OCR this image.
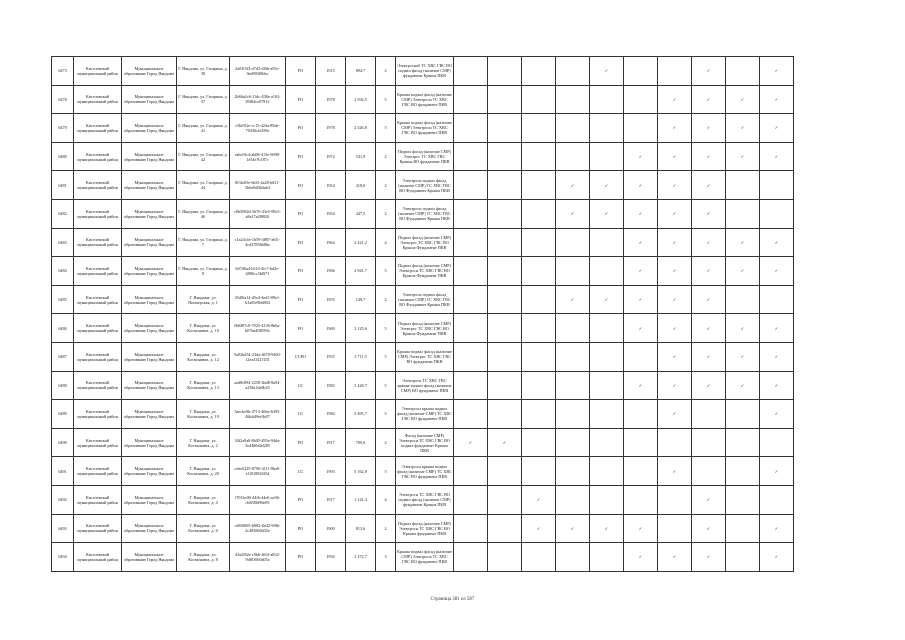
6473	Киселевский муниципальный район	Муниципальное образование Город Няндома	Г. Няндома, ул. Гагарина, д. 38	2a03f5f4-d7d3-4f6b-a93c-0ad903f0bbc	FO	1915	894,7	2	Электроснаб ТС ХВС ГВС ВО подвал фасад (наличие СМР) фундамент Крыша ПКВ					✓			✓		✓
6478	Киселевский муниципальный район	Муниципальное образование Город Няндома	Г. Няндома, ул. Гагарина, д. 37	2b8da2c6-11dc-438e-a102-89f84ce07812	FO	1978	2 592,5	5	Крыша подвал фасад (наличие СМР) Электросн ТС ХВС ГВС ВО фундамент ПКВ							✓	✓	✓	✓
6479	Киселевский муниципальный район	Муниципальное образование Город Няндома	Г. Няндома, ул. Гагарина, д. 41	c5bf01fe-cc15-424a-89de-70436cfe458e	FO	1978	2 526,8	5	Крыша подвал фасад (наличие СМР) Электросн ТС ХВС ГВС ВО фундамент ПКВ							✓	✓	✓	✓
6480	Киселевский муниципальный район	Муниципальное образование Город Няндома	Г. Няндома, ул. Гагарина, д. 42	eabc0fc4-ab08-413e-9098-1e54e7b187c	FO	1972	541,9	2	Подвал фасад (наличие СМР) Электрос ТС ХВС ГВС Крыша ВО фундамент ПКВ						✓	✓	✓	✓	✓
6481	Киселевский муниципальный район	Муниципальное образование Город Няндома	Г. Няндома, ул. Гагарина, д. 44	8f3fa05e-b6f3-4a28-b021-5bbe0d0b4ab4	FO	1954	418,6	2	Электросн подвал фасад (наличие СМР) ТС ХВС ГВС ВО Фундамент Крыша ПКВ				✓	✓	✓	✓	✓		
6482	Киселевский муниципальный район	Муниципальное образование Город Няндома	Г. Няндома, ул. Гагарина, д. 46	c0b5082d-3b76-43e5-99c5-a8a17a28802f	FO	1954	447,5	2	Электросн подвал фасад (наличие СМР) ТС ХВС ГВС ВО Фундамент Крыша ПКВ				✓	✓	✓	✓	✓		
6483	Киселевский муниципальный район	Муниципальное образование Город Няндома	Г. Няндома, ул. Гагарина, д. 7	c1a24c4e-1b59-4887-a6f1-4cd27856b8be	FO	1964	2 421,2	4	Подвал фасад (наличие СМР) Электрос ТС ХВС ГВС ВО Крыша Фундамент ПКВ						✓	✓	✓	✓	✓
6484	Киселевский муниципальный район	Муниципальное образование Город Няндома	Г. Няндома, ул. Гагарина, д. 8	b07d6a4-b510-4fc7-bd2e-4886cc3b8f71	FO	1966	2 941,7	5	Подвал фасад (наличие СМР) Электросн ТС ХВС ГВС ВО Крыша Фундамент ПКВ						✓	✓	✓	✓	✓
6485	Киселевский муниципальный район	Муниципальное образование Город Няндома	Г. Няндома, ул. Пионерская, д. 1	35d0fa14-d5e4-4ed3-89e1-b3a65e9bb804	FO	1955	149,7	2	Электросн подвал фасад (наличие СМР) ТС ХВС ГВС ВО Фундамент Крыша ПКВ				✓	✓	✓	✓	✓		
6486	Киселевский муниципальный район	Муниципальное образование Город Няндома	Г. Няндома, ул. Космонавта, д. 10	0b8f87c0-7925-4136-8b6a-b07ba408593e	FO	1969	2 125,6	5	Подвал фасад (наличие СМР) Электрос ТС ХВС ГВС ВО Крыша Фундамент ПКВ						✓	✓	✓	✓	✓
6487	Киселевский муниципальный район	Муниципальное образование Город Няндома	Г. Няндома, ул. Космонавта, д. 12	5a92bd54-23da-4678-9460-12ea41427431	ССРО	1955	3 711,5	5	Крыша подвал фасад (наличие СМР) Электрос ТС ХВС ГВС ВО фундамент ПКВ							✓	✓	✓	✓
6488	Киселевский муниципальный район	Муниципальное образование Город Няндома	Г. Няндома, ул. Космонавта, д. 13	aad8e894-2258-4bd8-8a94-a238a1da9b25	СС	1983	5 428,7	5	Электросн ТС ХВС ГВС крыша подвал фасад (наличие СМР) ВО фундамент ПКВ						✓	✓	✓	✓	✓
6489	Киселевский муниципальный район	Муниципальное образование Город Няндома	Г. Няндома, ул. Космонавта, д. 19	3aecbe0b-4713-46be-b395-46b4d9ee3b07	СС	1984	5 495,7	5	Электросн крыша подвал фасад (наличие СМР) ТС ХВС ГВС ВО фундамент ПКВ							✓			✓
6490	Киселевский муниципальный район	Муниципальное образование Город Няндома	Г. Няндома, ул. Космонавта, д. 2	34f2a9a0-8b05-495a-94da-3e4460d4d285	PO	1917	709,6	2	Фасад (наличие СМР) Электросн ТС ХВС ГВС ВО подвал фундамент Крыша ПКВ	✓	✓								
6491	Киселевский муниципальный район	Муниципальное образование Город Няндома	Г. Няндома, ул. Космонавта, д. 20	ceba5229-8796-4111-8ba0-e10f18826f5d	СС	1993	5 162,8	5	Электросн крыша подвал фасад (наличие СМР) ТС ХВС ГВС ВО фундамент ПКВ							✓			✓
6492	Киселевский муниципальный район	Муниципальное образование Город Няндома	Г. Няндома, ул. Космонавта, д. 4	f701bc00-44fb-44e6-ac06-cb8386f96e09	PO	1917	1 141,4	4	Электросн ТС ХВС ГВС ВО подвал фасад (наличие СМР) фундамент Крыша ПКВ			✓					✓		
6493	Киселевский муниципальный район	Муниципальное образование Город Няндома	Г. Няндома, ул. Космонавта, д. 6	cd69f605-b882-4b42-9f8b-2c4828b0d35e	PO	1900	813,6	2	Подвал фасад (наличие СМР) Электросн ТС ХВС ГВС ВО Крыша фундамент ПКВ			✓	✓	✓	✓		✓		✓
6494	Киселевский муниципальный район	Муниципальное образование Город Няндома	Г. Няндома, ул. Космонавта, д. 8	43a2f82e-c9bb-463f-a832-9df810b0a05a	PO	1950	2 272,7	3	Крыша подвал фасад (наличие СМР) Электросн ТС ХВС ГВС ВО фундамент ПКВ						✓	✓	✓		✓
Страница 381 из 587
